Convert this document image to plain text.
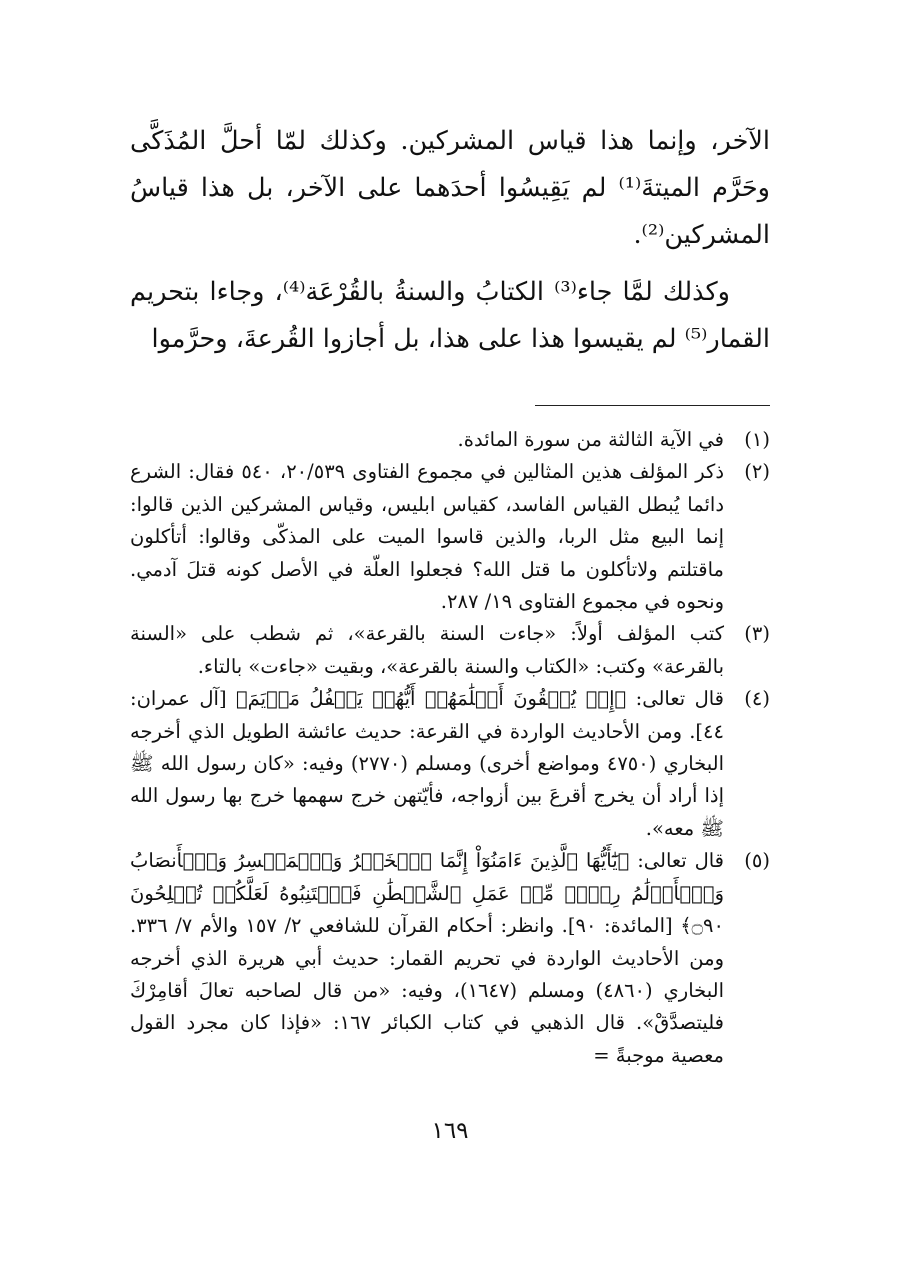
الآخر، وإنما هذا قياس المشركين. وكذلك لمّا أحلَّ المُذَكَّى وحَرَّم الميتةَ⁽¹⁾ لم يَقِيسُوا أحدَهما على الآخر، بل هذا قياسُ المشركين⁽²⁾.

وكذلك لمَّا جاء⁽³⁾ الكتابُ والسنةُ بالقُرْعَة⁽⁴⁾، وجاءا بتحريم القمار⁽⁵⁾ لم يقيسوا هذا على هذا، بل أجازوا القُرعةَ، وحرَّموا

(١)
في الآية الثالثة من سورة المائدة.
(٢)
ذكر المؤلف هذين المثالين في مجموع الفتاوى ٢٠/٥٣٩، ٥٤٠ فقال: الشرع دائما يُبطل القياس الفاسد، كقياس ابليس، وقياس المشركين الذين قالوا: إنما البيع مثل الربا، والذين قاسوا الميت على المذكّى وقالوا: أتأكلون ماقتلتم ولاتأكلون ما قتل الله؟ فجعلوا العلّة في الأصل كونه قتلَ آدمي. ونحوه في مجموع الفتاوى ١٩/ ٢٨٧.
(٣)
كتب المؤلف أولاً: «جاءت السنة بالقرعة»، ثم شطب على «السنة بالقرعة» وكتب: «الكتاب والسنة بالقرعة»، وبقيت «جاءت» بالتاء.
(٤)
قال تعالى: ﴿إِذۡ يُلۡقُونَ أَقۡلَٰمَهُمۡ أَيُّهُمۡ يَكۡفُلُ مَرۡيَمَ﴾ [آل عمران: ٤٤]. ومن الأحاديث الواردة في القرعة: حديث عائشة الطويل الذي أخرجه البخاري (٤٧٥٠ ومواضع أخرى) ومسلم (٢٧٧٠) وفيه: «كان رسول الله ﷺ إذا أراد أن يخرج أقرعَ بين أزواجه، فأيّتهن خرج سهمها خرج بها رسول الله ﷺ معه».
(٥)
قال تعالى: ﴿يَٰٓأَيُّهَا ٱلَّذِينَ ءَامَنُوٓاْ إِنَّمَا ٱلۡخَمۡرُ وَٱلۡمَيۡسِرُ وَٱلۡأَنصَابُ وَٱلۡأَزۡلَٰمُ رِجۡسٞ مِّنۡ عَمَلِ ٱلشَّيۡطَٰنِ فَٱجۡتَنِبُوهُ لَعَلَّكُمۡ تُفۡلِحُونَ ۝٩٠﴾ [المائدة: ٩٠]. وانظر: أحكام القرآن للشافعي ٢/ ١٥٧ والأم ٧/ ٣٣٦. ومن الأحاديث الواردة في تحريم القمار: حديث أبي هريرة الذي أخرجه البخاري (٤٨٦٠) ومسلم (١٦٤٧)، وفيه: «من قال لصاحبه تعالَ أقامِرْكَ فليتصدَّقْ». قال الذهبي في كتاب الكبائر ١٦٧: «فإذا كان مجرد القول معصية موجبةً =
١٦٩
